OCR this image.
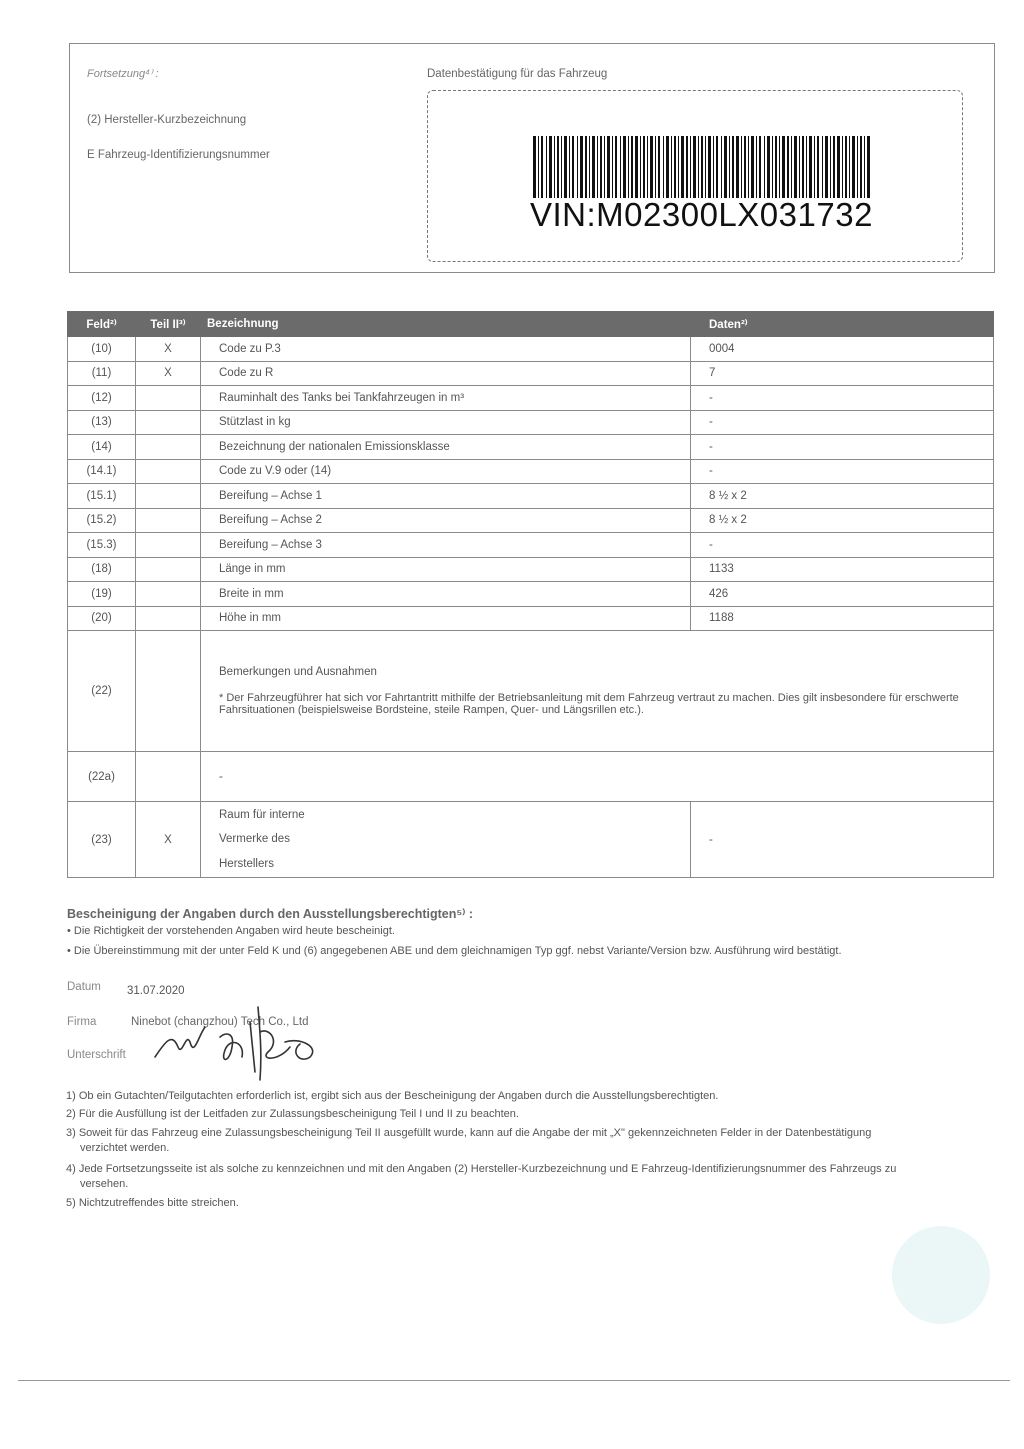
Fortsetzung⁴⁾ :
(2) Hersteller-Kurzbezeichnung
E Fahrzeug-Identifizierungsnummer
Datenbestätigung für das Fahrzeug
VIN:M02300LX031732
Feld²⁾	Teil II³⁾	Bezeichnung	Daten²⁾
(10)	X	Code zu P.3	0004
(11)	X	Code zu R	7
(12)		Rauminhalt des Tanks bei Tankfahrzeugen in m³	-
(13)		Stützlast in kg	-
(14)		Bezeichnung der nationalen Emissionsklasse	-
(14.1)		Code zu V.9 oder (14)	-
(15.1)		Bereifung – Achse 1	8 ½ x 2
(15.2)		Bereifung – Achse 2	8 ½ x 2
(15.3)		Bereifung – Achse 3	-
(18)		Länge in mm	1133
(19)		Breite in mm	426
(20)		Höhe in mm	1188
(22)		Bemerkungen und Ausnahmen
* Der Fahrzeugführer hat sich vor Fahrtantritt mithilfe der Betriebsanleitung mit dem Fahrzeug vertraut zu machen. Dies gilt insbesondere für erschwerte Fahrsituationen (beispielsweise Bordsteine, steile Rampen, Quer- und Längsrillen etc.).	

(22a)		-	
(23)	X	Raum für interne
Vermerke des
Herstellers	-
Bescheinigung der Angaben durch den Ausstellungsberechtigten⁵⁾ :
• Die Richtigkeit der vorstehenden Angaben wird heute bescheinigt.
• Die Übereinstimmung mit der unter Feld K und (6) angegebenen ABE und dem gleichnamigen Typ ggf. nebst Variante/Version bzw. Ausführung wird bestätigt.
Datum 31.07.2020
Firma	Ninebot (changzhou) Tech Co., Ltd
Unterschrift
1) Ob ein Gutachten/Teilgutachten erforderlich ist, ergibt sich aus der Bescheinigung der Angaben durch die Ausstellungsberechtigten.
2) Für die Ausfüllung ist der Leitfaden zur Zulassungsbescheinigung Teil I und II zu beachten.
3) Soweit für das Fahrzeug eine Zulassungsbescheinigung Teil II ausgefüllt wurde, kann auf die Angabe der mit „X" gekennzeichneten Felder in der Datenbestätigung
verzichtet werden.
4) Jede Fortsetzungsseite ist als solche zu kennzeichnen und mit den Angaben (2) Hersteller-Kurzbezeichnung und E Fahrzeug-Identifizierungsnummer des Fahrzeugs zu
versehen.
5) Nichtzutreffendes bitte streichen.
